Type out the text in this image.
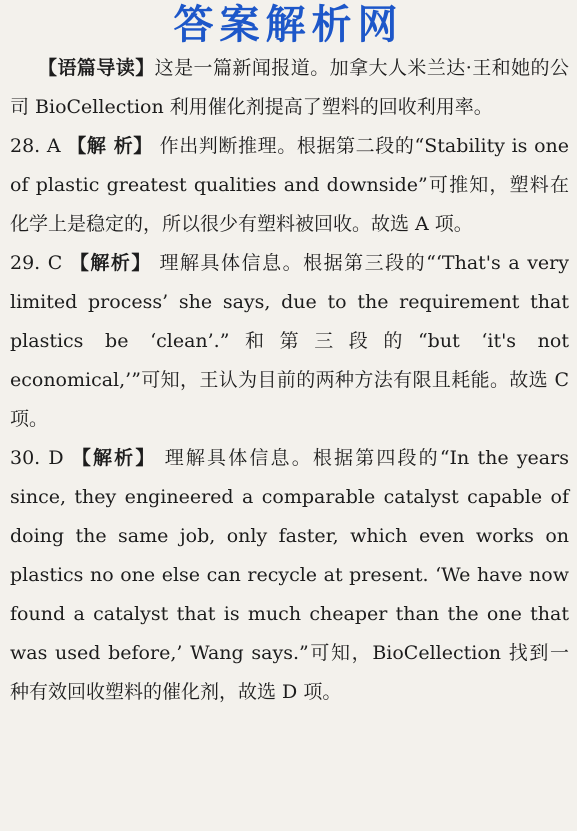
答案解析网

【语篇导读】这是一篇新闻报道。加拿大人米兰达·王和她的公司 BioCellection 利用催化剂提高了塑料的回收利用率。

28. A 【解 析】 作出判断推理。根据第二段的“Stability is one of plastic greatest qualities and downside”可推知，塑料在化学上是稳定的，所以很少有塑料被回收。故选 A 项。

29. C 【解析】 理解具体信息。根据第三段的“‘That's a very limited process’ she says, due to the requirement that plastics be ‘clean’.”和第三段的“but ‘it's not economical,’”可知，王认为目前的两种方法有限且耗能。故选 C 项。

30. D 【解析】 理解具体信息。根据第四段的“In the years since, they engineered a comparable catalyst capable of doing the same job, only faster, which even works on plastics no one else can recycle at present. ‘We have now found a catalyst that is much cheaper than the one that was used before,’ Wang says.”可知，BioCellection 找到一种有效回收塑料的催化剂，故选 D 项。
